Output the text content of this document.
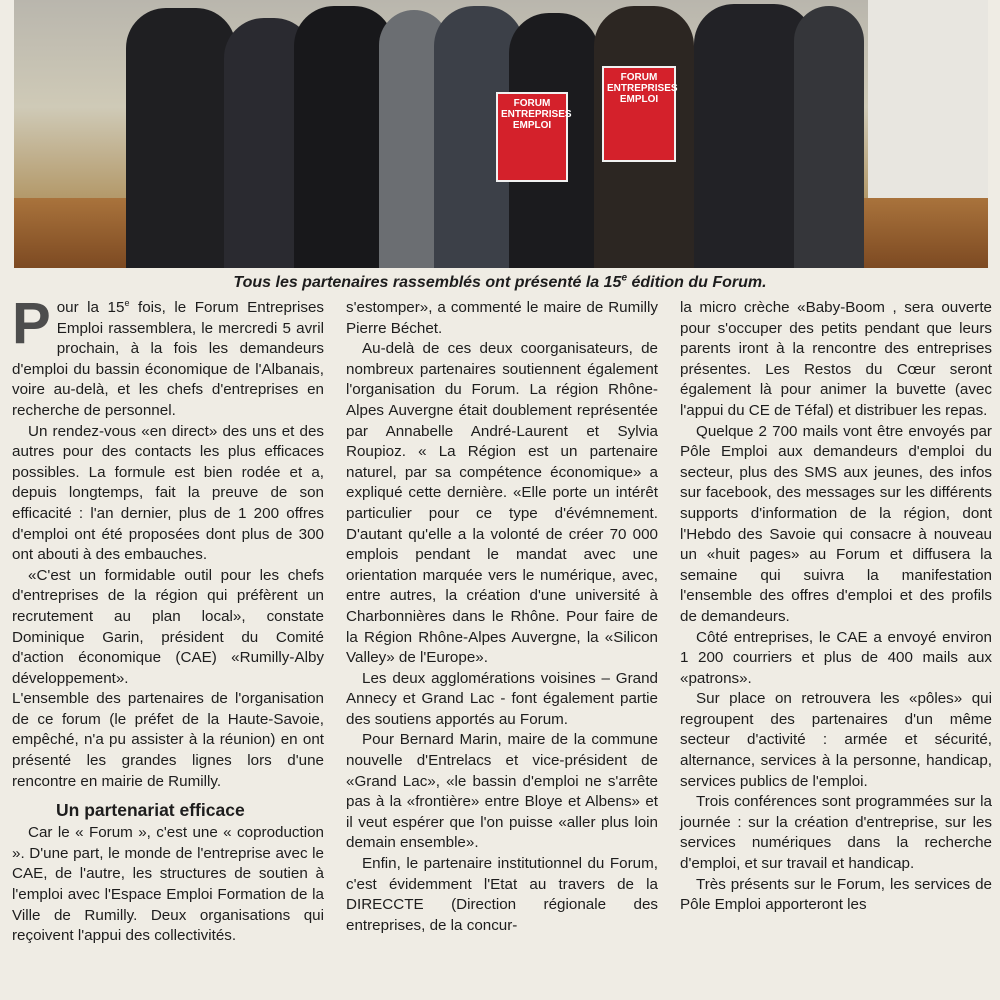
FORUM ENTREPRISES EMPLOI
FORUM ENTREPRISES EMPLOI
Tous les partenaires rassemblés ont présenté la 15e édition du Forum.

Pour la 15e fois, le Forum Entreprises Emploi rassemblera, le mercredi 5 avril prochain, à la fois les demandeurs d'emploi du bassin économique de l'Albanais, voire au-delà, et les chefs d'entreprises en recherche de personnel.

Un rendez-vous «en direct» des uns et des autres pour des contacts les plus efficaces possibles. La formule est bien rodée et a, depuis longtemps, fait la preuve de son efficacité : l'an dernier, plus de 1 200 offres d'emploi ont été proposées dont plus de 300 ont abouti à des embauches.

«C'est un formidable outil pour les chefs d'entreprises de la région qui préfèrent un recrutement au plan local», constate Dominique Garin, président du Comité d'action économique (CAE) «Rumilly-Alby développement».

L'ensemble des partenaires de l'organisation de ce forum (le préfet de la Haute-Savoie, empêché, n'a pu assister à la réunion) en ont présenté les grandes lignes lors d'une rencontre en mairie de Rumilly.

Un partenariat efficace

Car le « Forum », c'est une « coproduction ». D'une part, le monde de l'entreprise avec le CAE, de l'autre, les structures de soutien à l'emploi avec l'Espace Emploi Formation de la Ville de Rumilly. Deux organisations qui reçoivent l'appui des collectivités.

s'estomper», a commenté le maire de Rumilly Pierre Béchet.

Au-delà de ces deux coorganisateurs, de nombreux partenaires soutiennent également l'organisation du Forum. La région Rhône-Alpes Auvergne était doublement représentée par Annabelle André-Laurent et Sylvia Roupioz. « La Région est un partenaire naturel, par sa compétence économique» a expliqué cette dernière. «Elle porte un intérêt particulier pour ce type d'évémnement. D'autant qu'elle a la volonté de créer 70 000 emplois pendant le mandat avec une orientation marquée vers le numérique, avec, entre autres, la création d'une université à Charbonnières dans le Rhône. Pour faire de la Région Rhône-Alpes Auvergne, la «Silicon Valley» de l'Europe».

Les deux agglomérations voisines – Grand Annecy et Grand Lac - font également partie des soutiens apportés au Forum.

Pour Bernard Marin, maire de la commune nouvelle d'Entrelacs et vice-président de «Grand Lac», «le bassin d'emploi ne s'arrête pas à la «frontière» entre Bloye et Albens» et il veut espérer que l'on puisse «aller plus loin demain ensemble».

Enfin, le partenaire institutionnel du Forum, c'est évidemment l'Etat au travers de la DIRECCTE (Direction régionale des entreprises, de la concur-

la micro crèche «Baby-Boom , sera ouverte pour s'occuper des petits pendant que leurs parents iront à la rencontre des entreprises présentes. Les Restos du Cœur seront également là pour animer la buvette (avec l'appui du CE de Téfal) et distribuer les repas.

Quelque 2 700 mails vont être envoyés par Pôle Emploi aux demandeurs d'emploi du secteur, plus des SMS aux jeunes, des infos sur facebook, des messages sur les différents supports d'information de la région, dont l'Hebdo des Savoie qui consacre à nouveau un «huit pages» au Forum et diffusera la semaine qui suivra la manifestation l'ensemble des offres d'emploi et des profils de demandeurs.

Côté entreprises, le CAE a envoyé environ 1 200 courriers et plus de 400 mails aux «patrons».

Sur place on retrouvera les «pôles» qui regroupent des partenaires d'un même secteur d'activité : armée et sécurité, alternance, services à la personne, handicap, services publics de l'emploi.

Trois conférences sont programmées sur la journée : sur la création d'entreprise, sur les services numériques dans la recherche d'emploi, et sur travail et handicap.

Très présents sur le Forum, les services de Pôle Emploi apporteront les
